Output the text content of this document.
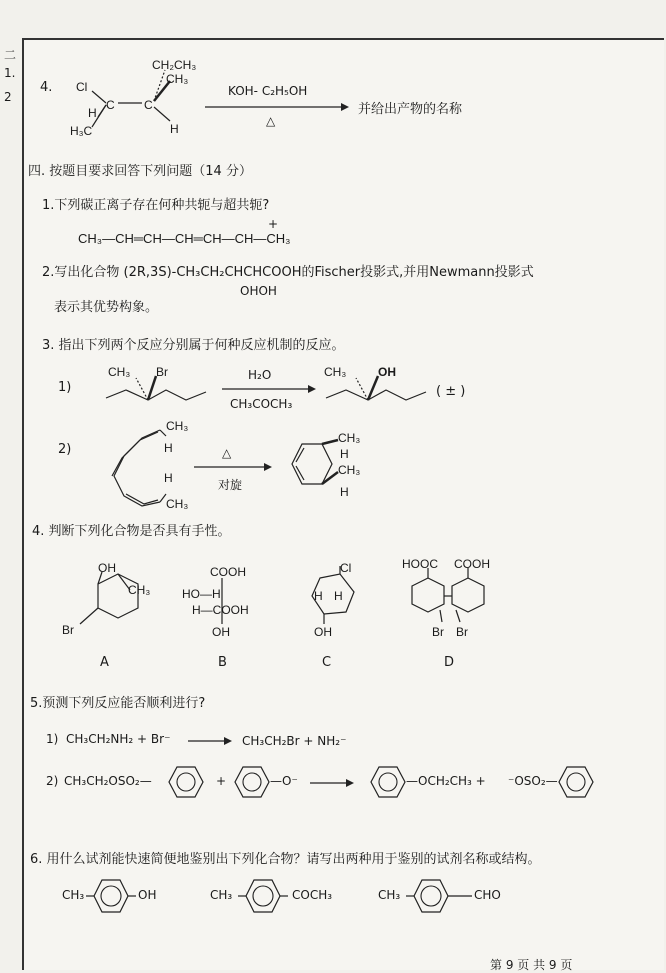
二
1.
2
4. Cl
H
H₃C
C C
CH₂CH₃
CH₃
H
KOH- C₂H₅OH
△
并给出产物的名称
四. 按题目要求回答下列问题（14 分）
1.下列碳正离子存在何种共轭与超共轭?
CH₃—CH═CH—CH═CH—CH—CH₃
+
2.写出化合物 (2R,3S)-CH₃CH₂CHCHCOOH的Fischer投影式,并用Newmann投影式
OHOH
表示其优势构象。
3. 指出下列两个反应分别属于何种反应机制的反应。
1)
CH₃ Br	H₂O
CH₃COCH₃
CH₃	OH
( ± )
2)
CH₃
H
H
CH₃
△
对旋
CH₃
H
CH₃
H
4. 判断下列化合物是否具有手性。
OH
CH₃
Br
A
COOH
HO—H
H—COOH
OH
B
Cl
H H
OH
C
HOOC COOH
Br Br
D
5.预测下列反应能否顺利进行?
1) CH₃CH₂NH₂ + Br⁻ → CH₃CH₂Br + NH₂⁻
2) CH₃CH₂OSO₂—	+	—O⁻ →	—OCH₂CH₃ + ⁻OSO₂—
6. 用什么试剂能快速简便地鉴别出下列化合物？请写出两种用于鉴别的试剂名称或结构。
CH₃	OH	CH₃	COCH₃	CH₃	CHO
第 9 页 共 9 页
